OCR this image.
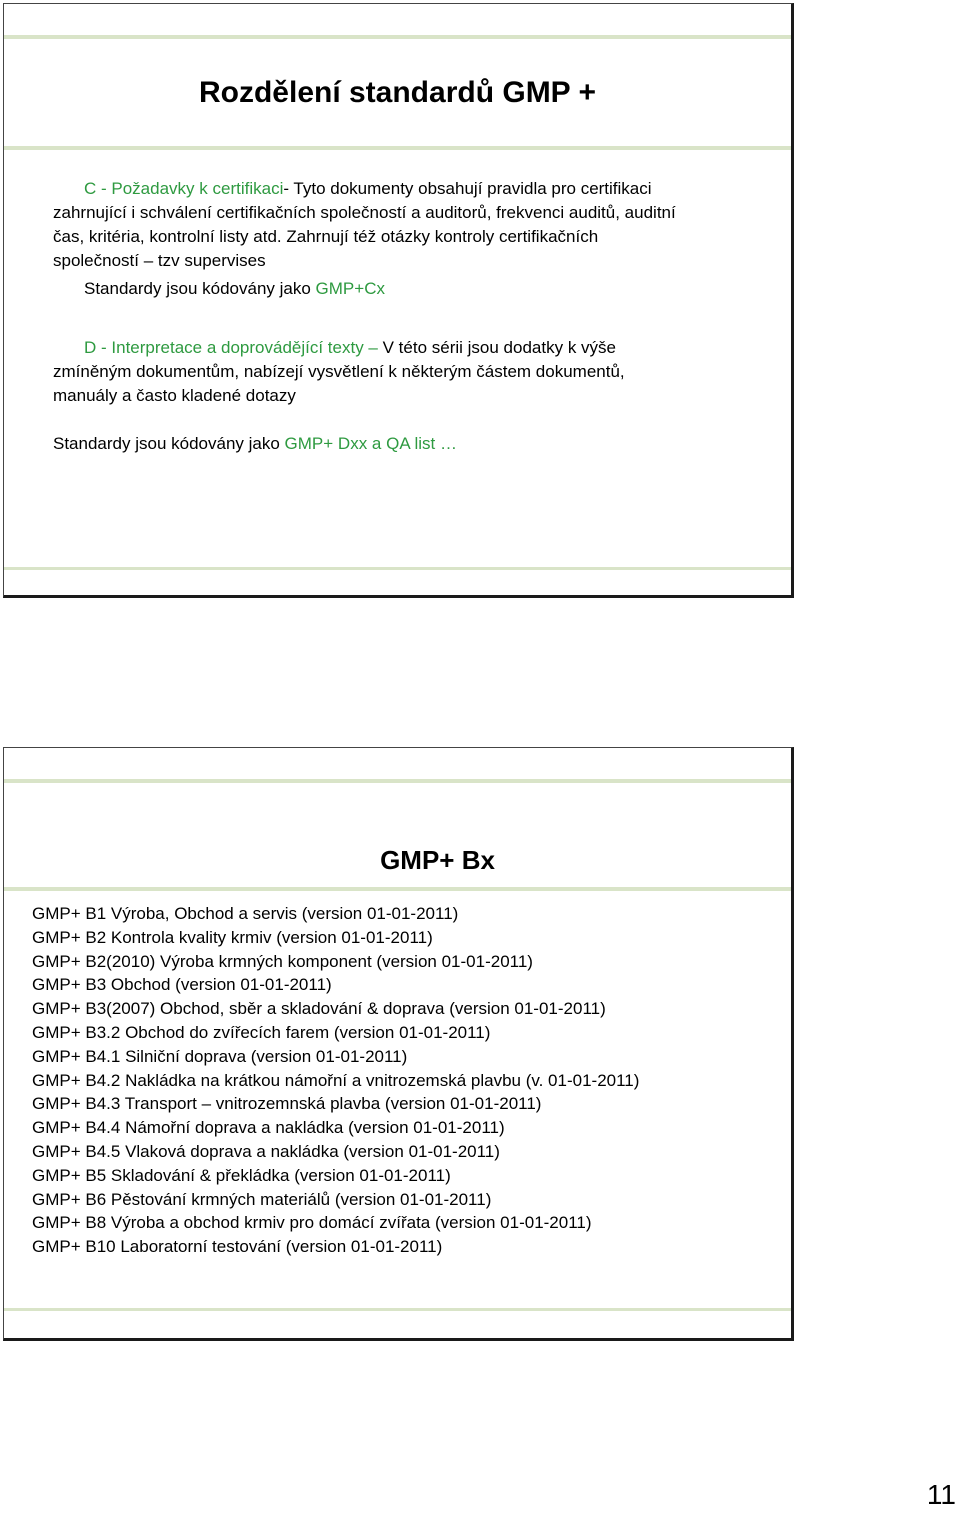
Rozdělení standardů GMP +
C - Požadavky k certifikaci- Tyto dokumenty obsahují pravidla pro certifikaci
zahrnující i schválení certifikačních společností a auditorů, frekvenci auditů, auditní
čas, kritéria, kontrolní listy atd. Zahrnují též otázky kontroly certifikačních
společností – tzv supervises
Standardy jsou kódovány jako GMP+Cx
D - Interpretace a doprovádějící texty – V této sérii jsou dodatky k výše
zmíněným dokumentům, nabízejí vysvětlení k některým částem dokumentů,
manuály a často kladené dotazy
Standardy jsou kódovány jako GMP+ Dxx a QA list …
GMP+ Bx
GMP+ B1 Výroba, Obchod a servis (version 01-01-2011)
GMP+ B2 Kontrola kvality krmiv (version 01-01-2011)
GMP+ B2(2010) Výroba krmných komponent (version 01-01-2011)
GMP+ B3 Obchod (version 01-01-2011)
GMP+ B3(2007) Obchod, sběr a skladování & doprava (version 01-01-2011)
GMP+ B3.2 Obchod do zvířecích farem (version 01-01-2011)
GMP+ B4.1 Silniční doprava (version 01-01-2011)
GMP+ B4.2 Nakládka na krátkou námořní a vnitrozemská plavbu (v. 01-01-2011)
GMP+ B4.3 Transport – vnitrozemnská plavba (version 01-01-2011)
GMP+ B4.4 Námořní doprava a nakládka (version 01-01-2011)
GMP+ B4.5 Vlaková doprava a nakládka (version 01-01-2011)
GMP+ B5 Skladování & překládka (version 01-01-2011)
GMP+ B6 Pěstování krmných materiálů (version 01-01-2011)
GMP+ B8 Výroba a obchod krmiv pro domácí zvířata (version 01-01-2011)
GMP+ B10 Laboratorní testování (version 01-01-2011)
11
